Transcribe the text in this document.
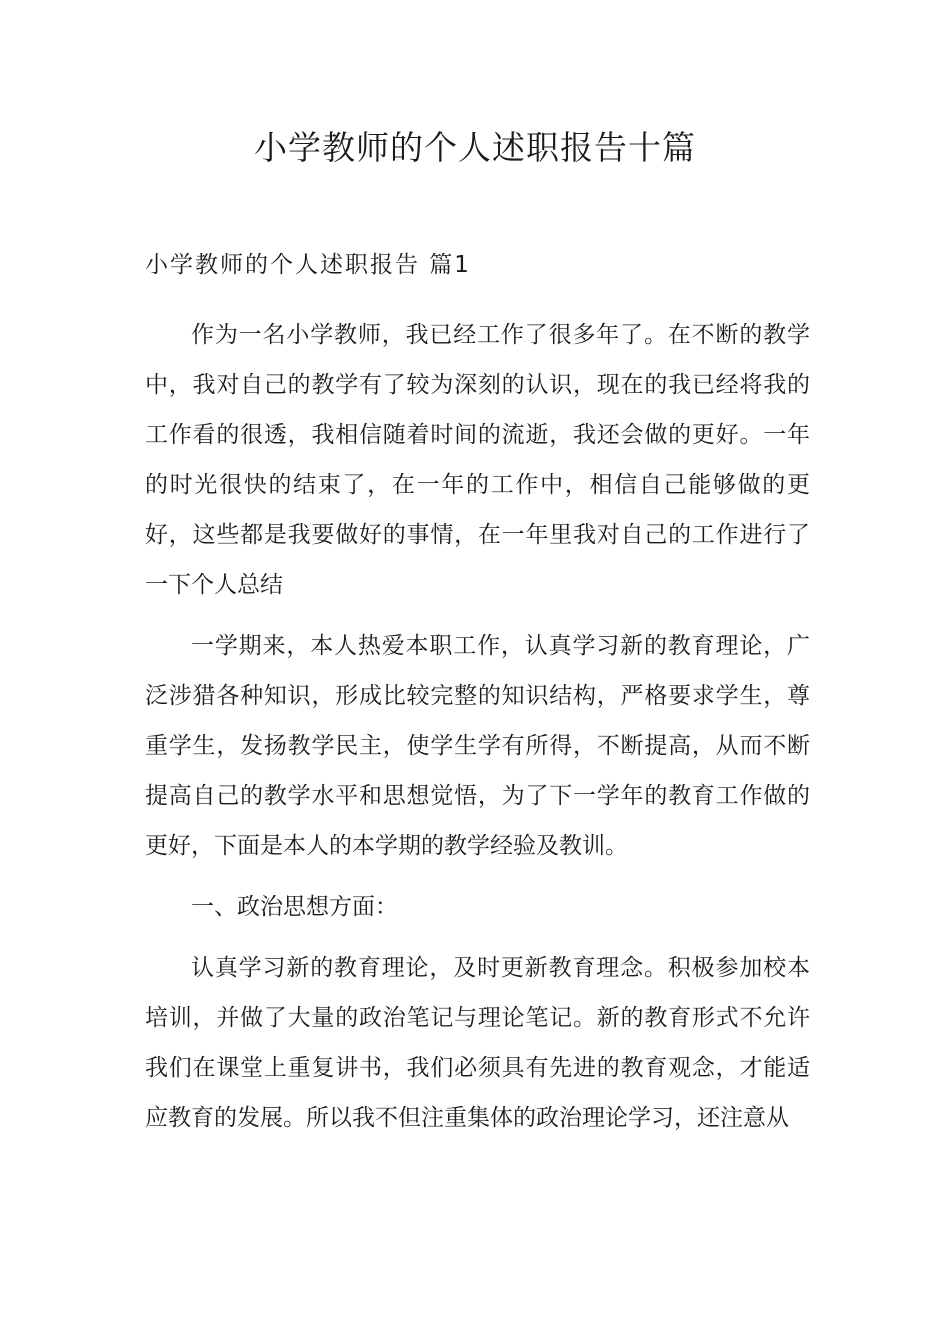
小学教师的个人述职报告十篇
小学教师的个人述职报告 篇1

作为一名小学教师，我已经工作了很多年了。在不断的教学中，我对自己的教学有了较为深刻的认识，现在的我已经将我的工作看的很透，我相信随着时间的流逝，我还会做的更好。一年的时光很快的结束了，在一年的工作中，相信自己能够做的更好，这些都是我要做好的事情，在一年里我对自己的工作进行了一下个人总结

一学期来，本人热爱本职工作，认真学习新的教育理论，广泛涉猎各种知识，形成比较完整的知识结构，严格要求学生，尊重学生，发扬教学民主，使学生学有所得，不断提高，从而不断提高自己的教学水平和思想觉悟，为了下一学年的教育工作做的更好，下面是本人的本学期的教学经验及教训。

一、政治思想方面：

认真学习新的教育理论，及时更新教育理念。积极参加校本培训，并做了大量的政治笔记与理论笔记。新的教育形式不允许我们在课堂上重复讲书，我们必须具有先进的教育观念，才能适应教育的发展。所以我不但注重集体的政治理论学习，还注意从
